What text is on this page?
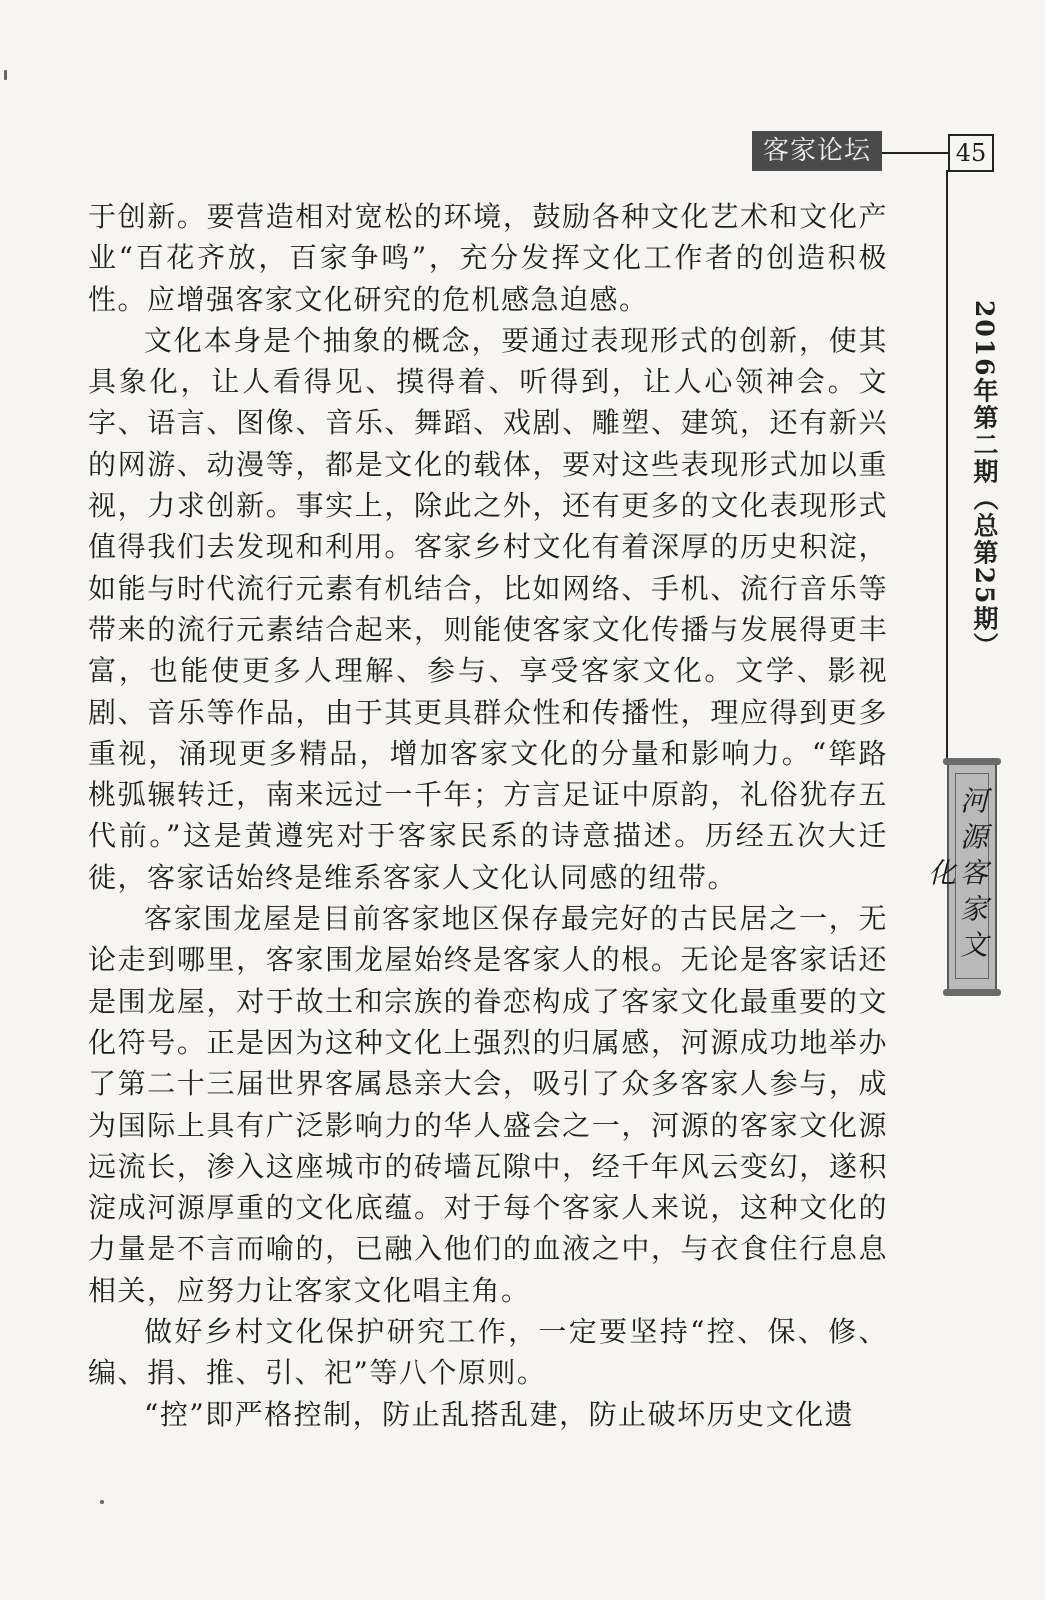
客家论坛	45
2016年第二期（总第25期）
河源客家文化

于创新。要营造相对宽松的环境，鼓励各种文化艺术和文化产业“百花齐放，百家争鸣”，充分发挥文化工作者的创造积极性。应增强客家文化研究的危机感急迫感。

文化本身是个抽象的概念，要通过表现形式的创新，使其具象化，让人看得见、摸得着、听得到，让人心领神会。文字、语言、图像、音乐、舞蹈、戏剧、雕塑、建筑，还有新兴的网游、动漫等，都是文化的载体，要对这些表现形式加以重视，力求创新。事实上，除此之外，还有更多的文化表现形式值得我们去发现和利用。客家乡村文化有着深厚的历史积淀，如能与时代流行元素有机结合，比如网络、手机、流行音乐等带来的流行元素结合起来，则能使客家文化传播与发展得更丰富，也能使更多人理解、参与、享受客家文化。文学、影视剧、音乐等作品，由于其更具群众性和传播性，理应得到更多重视，涌现更多精品，增加客家文化的分量和影响力。“筚路桃弧辗转迁，南来远过一千年；方言足证中原韵，礼俗犹存五代前。”这是黄遵宪对于客家民系的诗意描述。历经五次大迁徙，客家话始终是维系客家人文化认同感的纽带。

客家围龙屋是目前客家地区保存最完好的古民居之一，无论走到哪里，客家围龙屋始终是客家人的根。无论是客家话还是围龙屋，对于故土和宗族的眷恋构成了客家文化最重要的文化符号。正是因为这种文化上强烈的归属感，河源成功地举办了第二十三届世界客属恳亲大会，吸引了众多客家人参与，成为国际上具有广泛影响力的华人盛会之一，河源的客家文化源远流长，渗入这座城市的砖墙瓦隙中，经千年风云变幻，遂积淀成河源厚重的文化底蕴。对于每个客家人来说，这种文化的力量是不言而喻的，已融入他们的血液之中，与衣食住行息息相关，应努力让客家文化唱主角。

做好乡村文化保护研究工作，一定要坚持“控、保、修、编、捐、推、引、祀”等八个原则。

“控”即严格控制，防止乱搭乱建，防止破坏历史文化遗
